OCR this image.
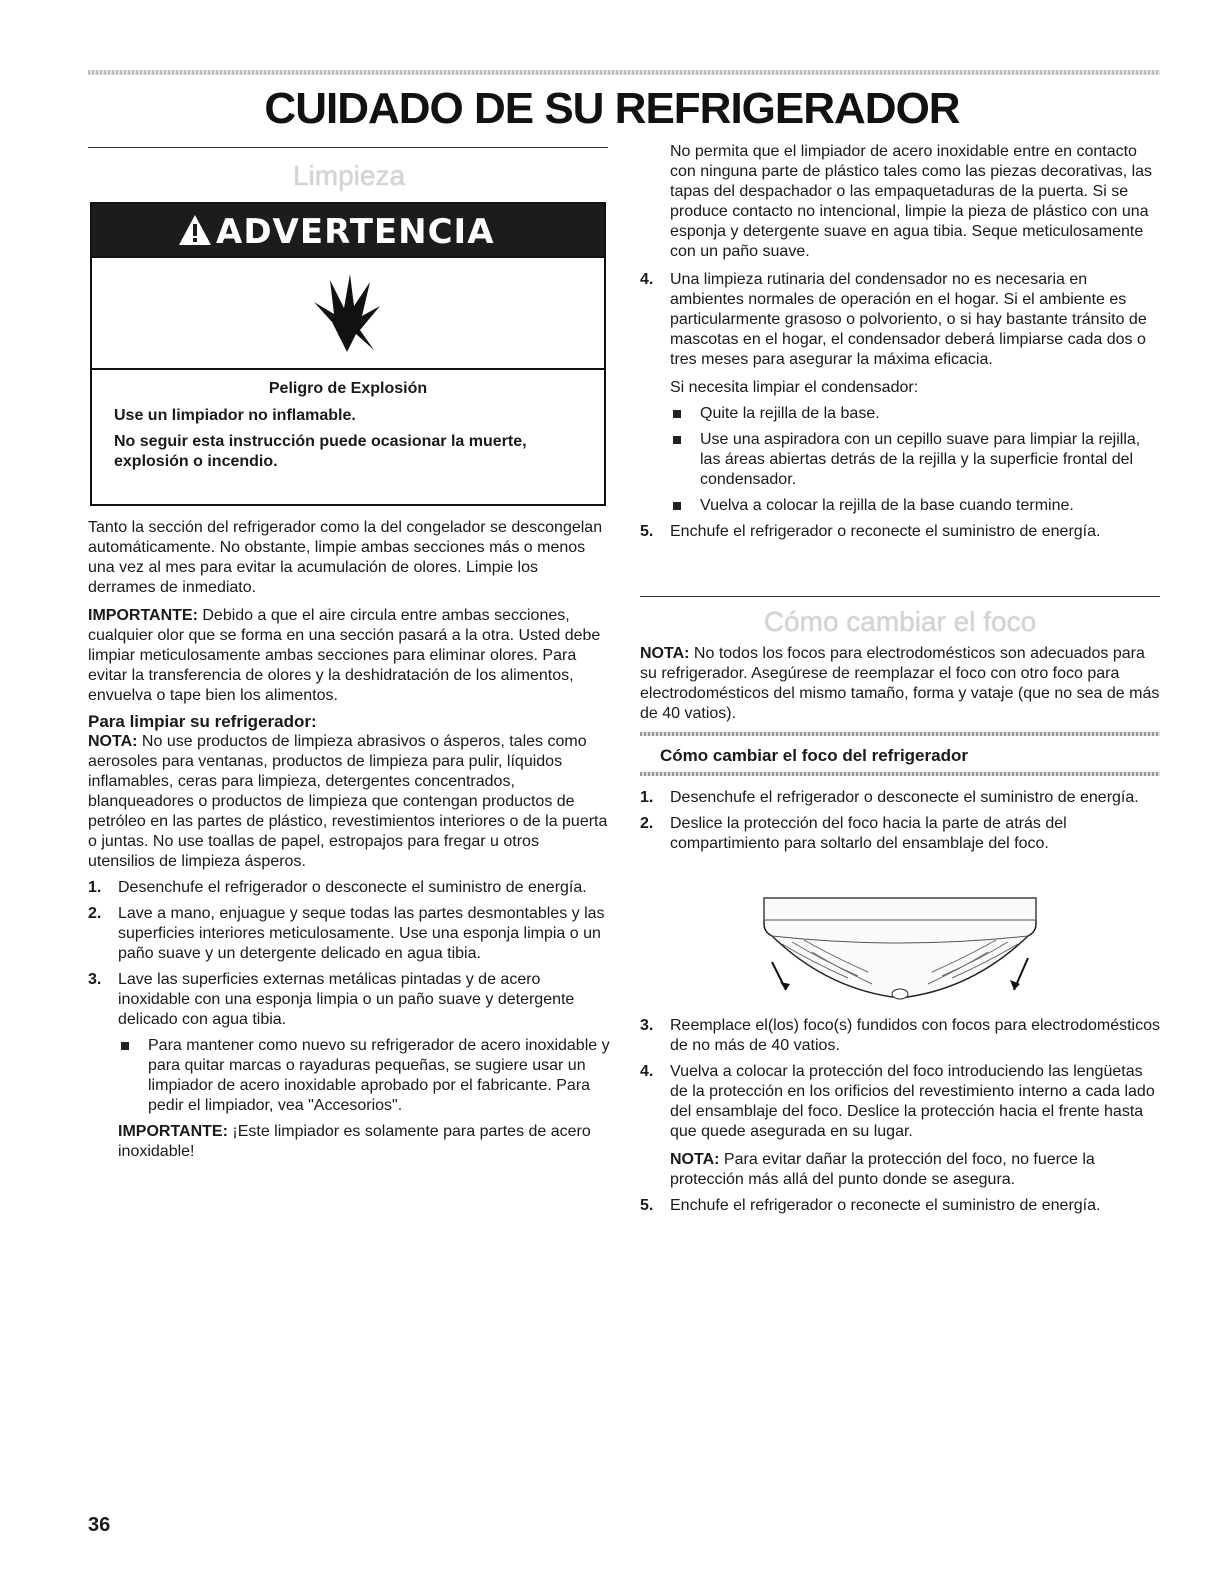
CUIDADO DE SU REFRIGERADOR
Limpieza
ADVERTENCIA
Peligro de Explosión

Use un limpiador no inflamable.

No seguir esta instrucción puede ocasionar la muerte, explosión o incendio.

Tanto la sección del refrigerador como la del congelador se descongelan automáticamente. No obstante, limpie ambas secciones más o menos una vez al mes para evitar la acumulación de olores. Limpie los derrames de inmediato.

IMPORTANTE: Debido a que el aire circula entre ambas secciones, cualquier olor que se forma en una sección pasará a la otra. Usted debe limpiar meticulosamente ambas secciones para eliminar olores. Para evitar la transferencia de olores y la deshidratación de los alimentos, envuelva o tape bien los alimentos.

Para limpiar su refrigerador:

NOTA: No use productos de limpieza abrasivos o ásperos, tales como aerosoles para ventanas, productos de limpieza para pulir, líquidos inflamables, ceras para limpieza, detergentes concentrados, blanqueadores o productos de limpieza que contengan productos de petróleo en las partes de plástico, revestimientos interiores o de la puerta o juntas. No use toallas de papel, estropajos para fregar u otros utensilios de limpieza ásperos.

1. Desenchufe el refrigerador o desconecte el suministro de energía.
2. Lave a mano, enjuague y seque todas las partes desmontables y las superficies interiores meticulosamente. Use una esponja limpia o un paño suave y un detergente delicado en agua tibia.
3. Lave las superficies externas metálicas pintadas y de acero inoxidable con una esponja limpia o un paño suave y detergente delicado con agua tibia.
Para mantener como nuevo su refrigerador de acero inoxidable y para quitar marcas o rayaduras pequeñas, se sugiere usar un limpiador de acero inoxidable aprobado por el fabricante. Para pedir el limpiador, vea "Accesorios".

IMPORTANTE: ¡Este limpiador es solamente para partes de acero inoxidable!

No permita que el limpiador de acero inoxidable entre en contacto con ninguna parte de plástico tales como las piezas decorativas, las tapas del despachador o las empaquetaduras de la puerta. Si se produce contacto no intencional, limpie la pieza de plástico con una esponja y detergente suave en agua tibia. Seque meticulosamente con un paño suave.

4. Una limpieza rutinaria del condensador no es necesaria en ambientes normales de operación en el hogar. Si el ambiente es particularmente grasoso o polvoriento, o si hay bastante tránsito de mascotas en el hogar, el condensador deberá limpiarse cada dos o tres meses para asegurar la máxima eficacia.

Si necesita limpiar el condensador:

Quite la rejilla de la base.
Use una aspiradora con un cepillo suave para limpiar la rejilla, las áreas abiertas detrás de la rejilla y la superficie frontal del condensador.
Vuelva a colocar la rejilla de la base cuando termine.
5. Enchufe el refrigerador o reconecte el suministro de energía.
Cómo cambiar el foco

NOTA: No todos los focos para electrodomésticos son adecuados para su refrigerador. Asegúrese de reemplazar el foco con otro foco para electrodomésticos del mismo tamaño, forma y vataje (que no sea de más de 40 vatios).

Cómo cambiar el foco del refrigerador
1. Desenchufe el refrigerador o desconecte el suministro de energía.
2. Deslice la protección del foco hacia la parte de atrás del compartimiento para soltarlo del ensamblaje del foco.
3. Reemplace el(los) foco(s) fundidos con focos para electrodomésticos de no más de 40 vatios.
4. Vuelva a colocar la protección del foco introduciendo las lengüetas de la protección en los orificios del revestimiento interno a cada lado del ensamblaje del foco. Deslice la protección hacia el frente hasta que quede asegurada en su lugar.

NOTA: Para evitar dañar la protección del foco, no fuerce la protección más allá del punto donde se asegura.

5. Enchufe el refrigerador o reconecte el suministro de energía.
36
